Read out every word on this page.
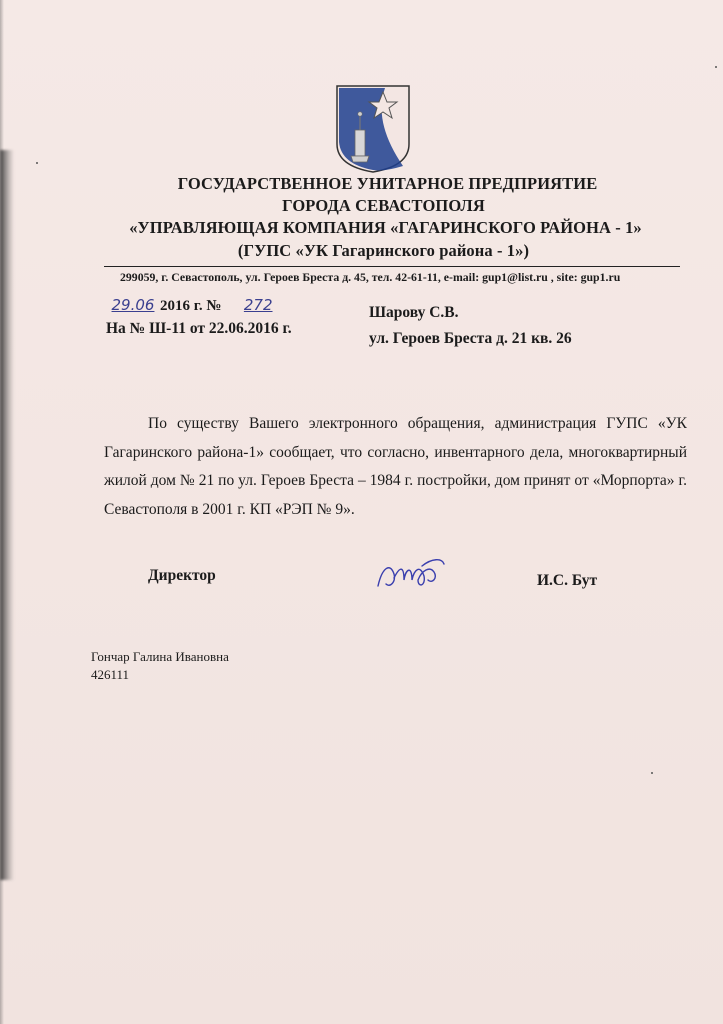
ГОСУДАРСТВЕННОЕ УНИТАРНОЕ ПРЕДПРИЯТИЕ
ГОРОДА СЕВАСТОПОЛЯ
«УПРАВЛЯЮЩАЯ КОМПАНИЯ «ГАГАРИНСКОГО РАЙОНА - 1»
(ГУПС «УК Гагаринского района - 1»)
299059, г. Севастополь, ул. Героев Бреста д. 45, тел. 42-61-11, e-mail: gup1@list.ru , site: gup1.ru
29.06 2016 г. № 272
На № Ш-11 от 22.06.2016 г.
Шарову С.В.
ул. Героев Бреста д. 21 кв. 26
По существу Вашего электронного обращения, администрация ГУПС «УК Гагаринского района-1» сообщает, что согласно, инвентарного дела, многоквартирный жилой дом № 21 по ул. Героев Бреста – 1984 г. постройки, дом принят от «Морпорта» г. Севастополя в 2001 г. КП «РЭП № 9».
Директор	И.С. Бут
Гончар Галина Ивановна
426111
